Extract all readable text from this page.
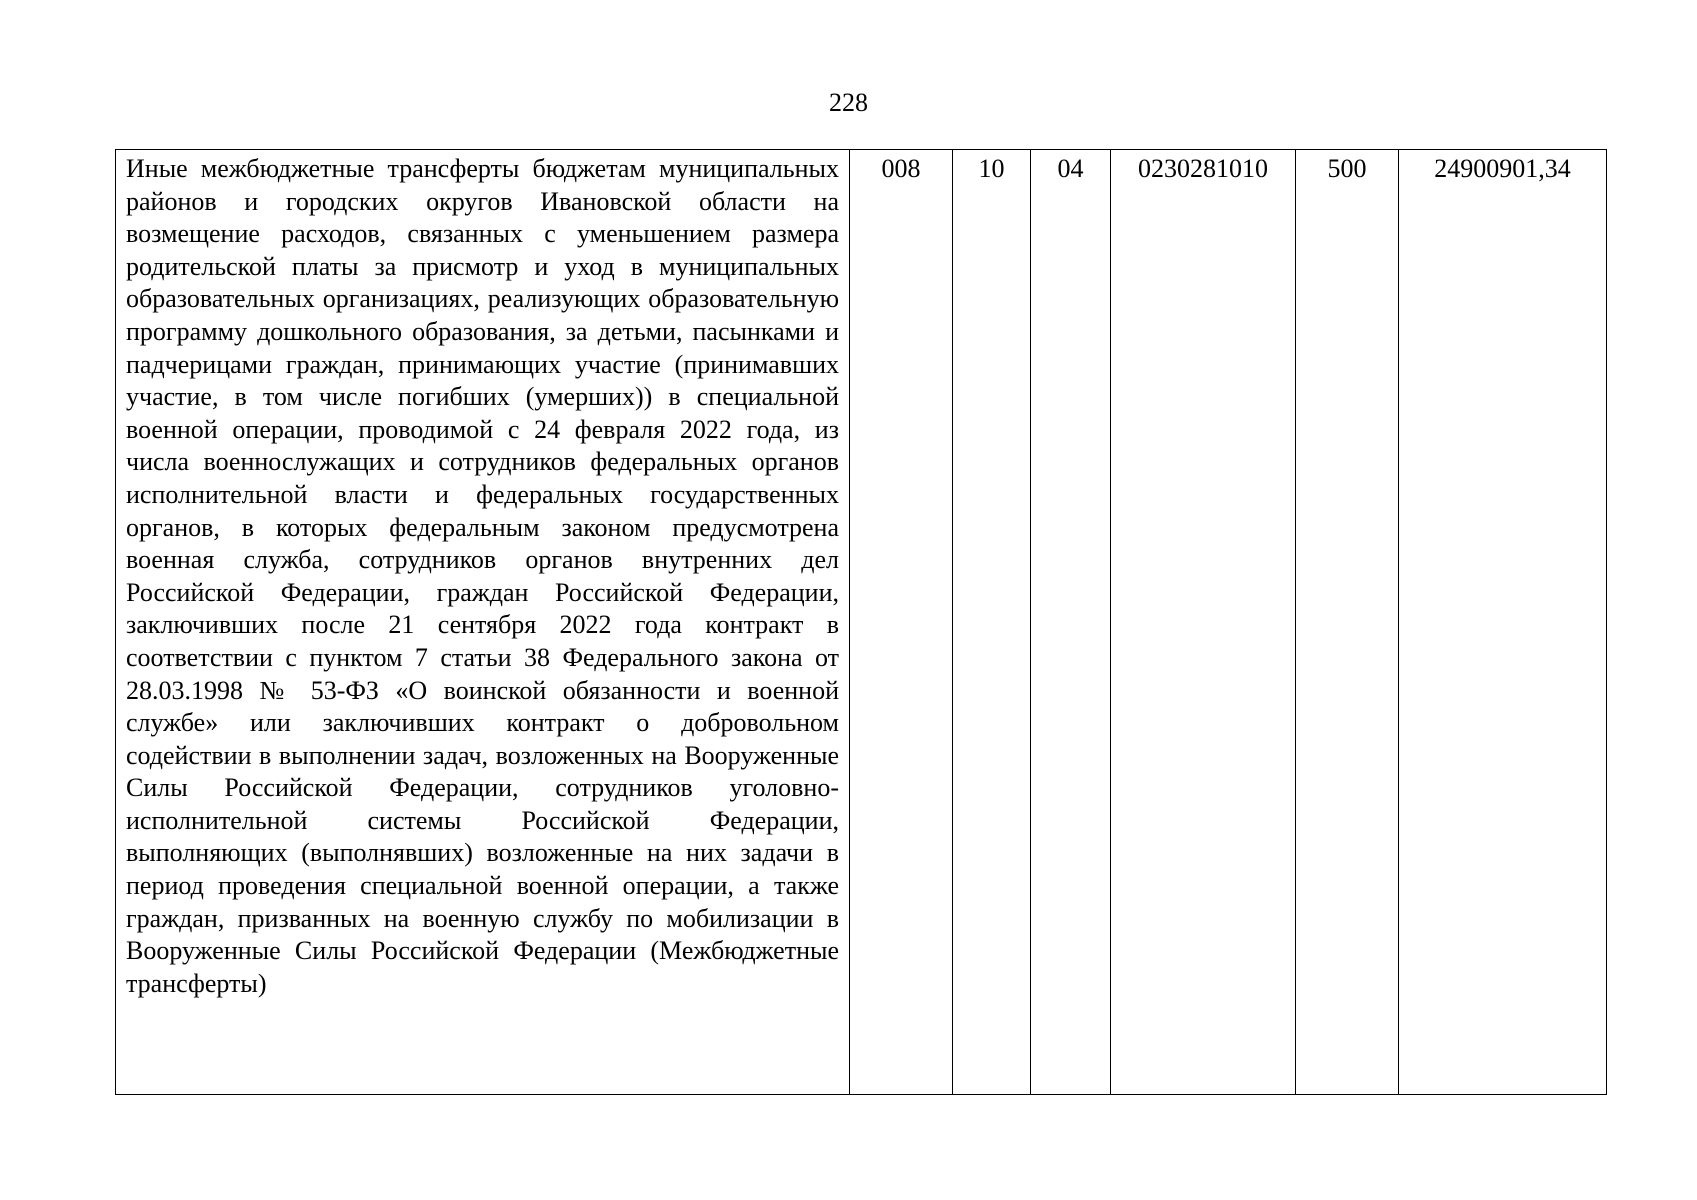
228
Иные межбюджетные трансферты бюджетам муниципальных районов и городских округов Ивановской области на возмещение расходов, связанных с уменьшением размера родительской платы за присмотр и уход в муниципальных образовательных организациях, реализующих образовательную программу дошкольного образования, за детьми, пасынками и падчерицами граждан, принимающих участие (принимавших участие, в том числе погибших (умерших)) в специальной военной операции, проводимой с 24 февраля 2022 года, из числа военнослужащих и сотрудников федеральных органов исполнительной власти и федеральных государственных органов, в которых федеральным законом предусмотрена военная служба, сотрудников органов внутренних дел Российской Федерации, граждан Российской Федерации, заключивших после 21 сентября 2022 года контракт в соответствии с пунктом 7 статьи 38 Федерального закона от 28.03.1998 № 53-ФЗ «О воинской обязанности и военной службе» или заключивших контракт о добровольном содействии в выполнении задач, возложенных на Вооруженные Силы Российской Федерации, сотрудников уголовно-исполнительной системы Российской Федерации, выполняющих (выполнявших) возложенные на них задачи в период проведения специальной военной операции, а также граждан, призванных на военную службу по мобилизации в Вооруженные Силы Российской Федерации (Межбюджетные трансферты)	008	10	04	0230281010	500	24900901,34
